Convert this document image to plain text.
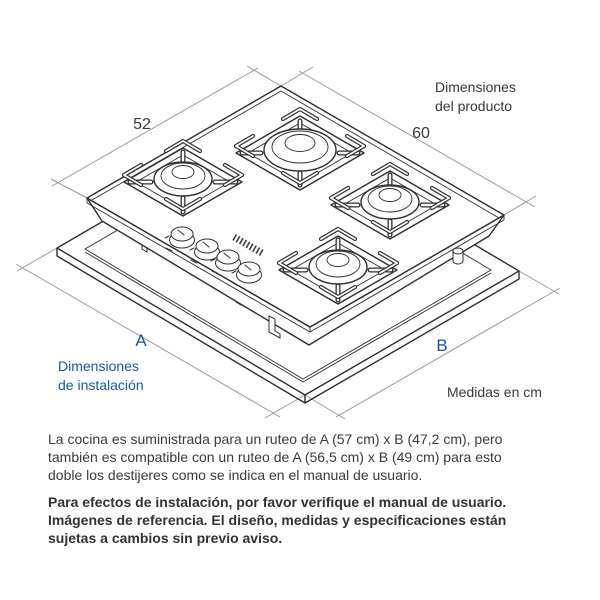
52
60
A	B
Dimensiones
del producto
Dimensiones
de instalación	Medidas en cm
La cocina es suministrada para un ruteo de A (57 cm) x B (47,2 cm), pero
también es compatible con un ruteo de A (56,5 cm) x B (49 cm) para esto
doble los destijeres como se indica en el manual de usuario.
Para efectos de instalación, por favor verifique el manual de usuario.
Imágenes de referencia. El diseño, medidas y especificaciones están
sujetas a cambios sin previo aviso.
